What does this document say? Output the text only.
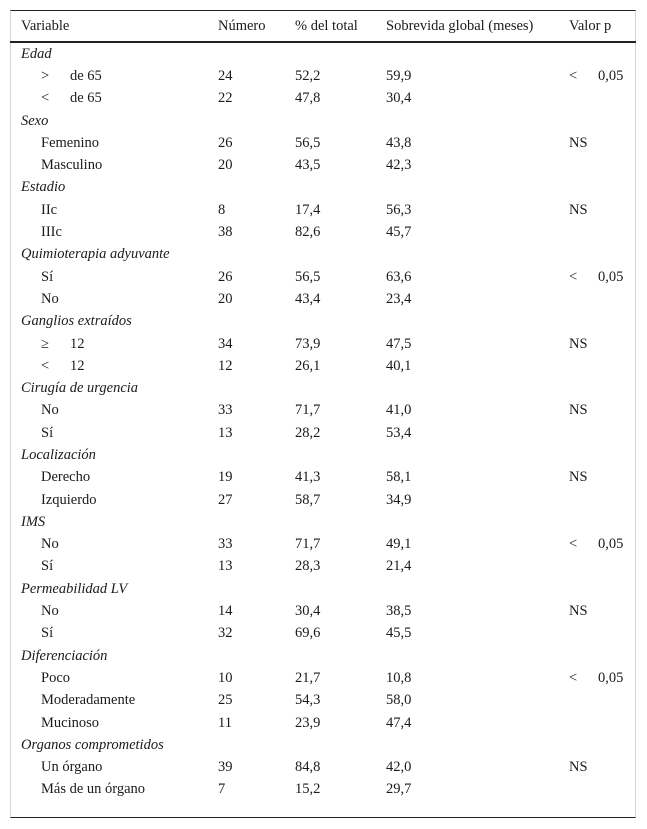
Variable	Número	% del total	Sobrevida global (meses)	Valor p
Edad				
> de 65	24	52,2	59,9	< 0,05
< de 65	22	47,8	30,4	
Sexo				
Femenino	26	56,5	43,8	NS
Masculino	20	43,5	42,3	
Estadio				
IIc	8	17,4	56,3	NS
IIIc	38	82,6	45,7	
Quimioterapia adyuvante				
Sí	26	56,5	63,6	< 0,05
No	20	43,4	23,4	
Ganglios extraídos				
≥ 12	34	73,9	47,5	NS
< 12	12	26,1	40,1	
Cirugía de urgencia				
No	33	71,7	41,0	NS
Sí	13	28,2	53,4	
Localización				
Derecho	19	41,3	58,1	NS
Izquierdo	27	58,7	34,9	
IMS				
No	33	71,7	49,1	< 0,05
Sí	13	28,3	21,4	
Permeabilidad LV				
No	14	30,4	38,5	NS
Sí	32	69,6	45,5	
Diferenciación				
Poco	10	21,7	10,8	< 0,05
Moderadamente	25	54,3	58,0	
Mucinoso	11	23,9	47,4	
Organos comprometidos				
Un órgano	39	84,8	42,0	NS
Más de un órgano	7	15,2	29,7	
